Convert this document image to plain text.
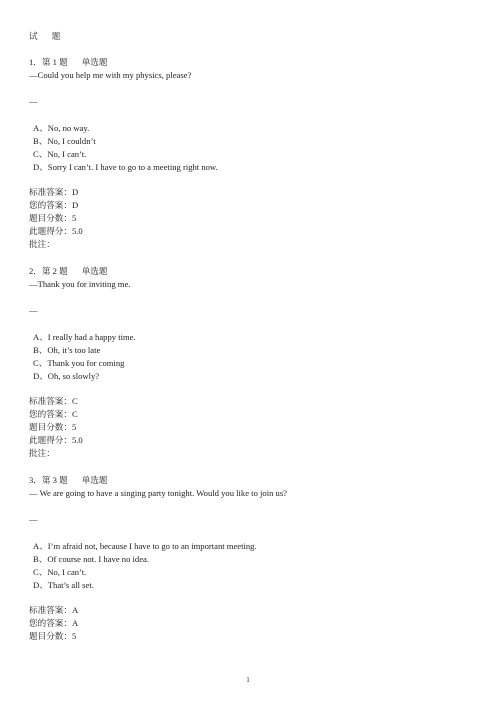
试 题
1．第 1 题 单选题
—Could you help me with my physics, please?
—
A、No, no way.
B、No, I couldn’t
C、No, I can’t.
D、Sorry I can’t. I have to go to a meeting right now.
标准答案：D
您的答案：D
题目分数：5
此题得分：5.0
批注：
2．第 2 题 单选题
—Thank you for inviting me.
—
A、I really had a happy time.
B、Oh, it’s too late
C、Thank you for coming
D、Oh, so slowly?
标准答案：C
您的答案：C
题目分数：5
此题得分：5.0
批注：
3．第 3 题 单选题
— We are going to have a singing party tonight. Would you like to join us?
—
A、I’m afraid not, because I have to go to an important meeting.
B、Of course not. I have no idea.
C、No, I can’t.
D、That’s all set.
标准答案：A
您的答案：A
题目分数：5
1
